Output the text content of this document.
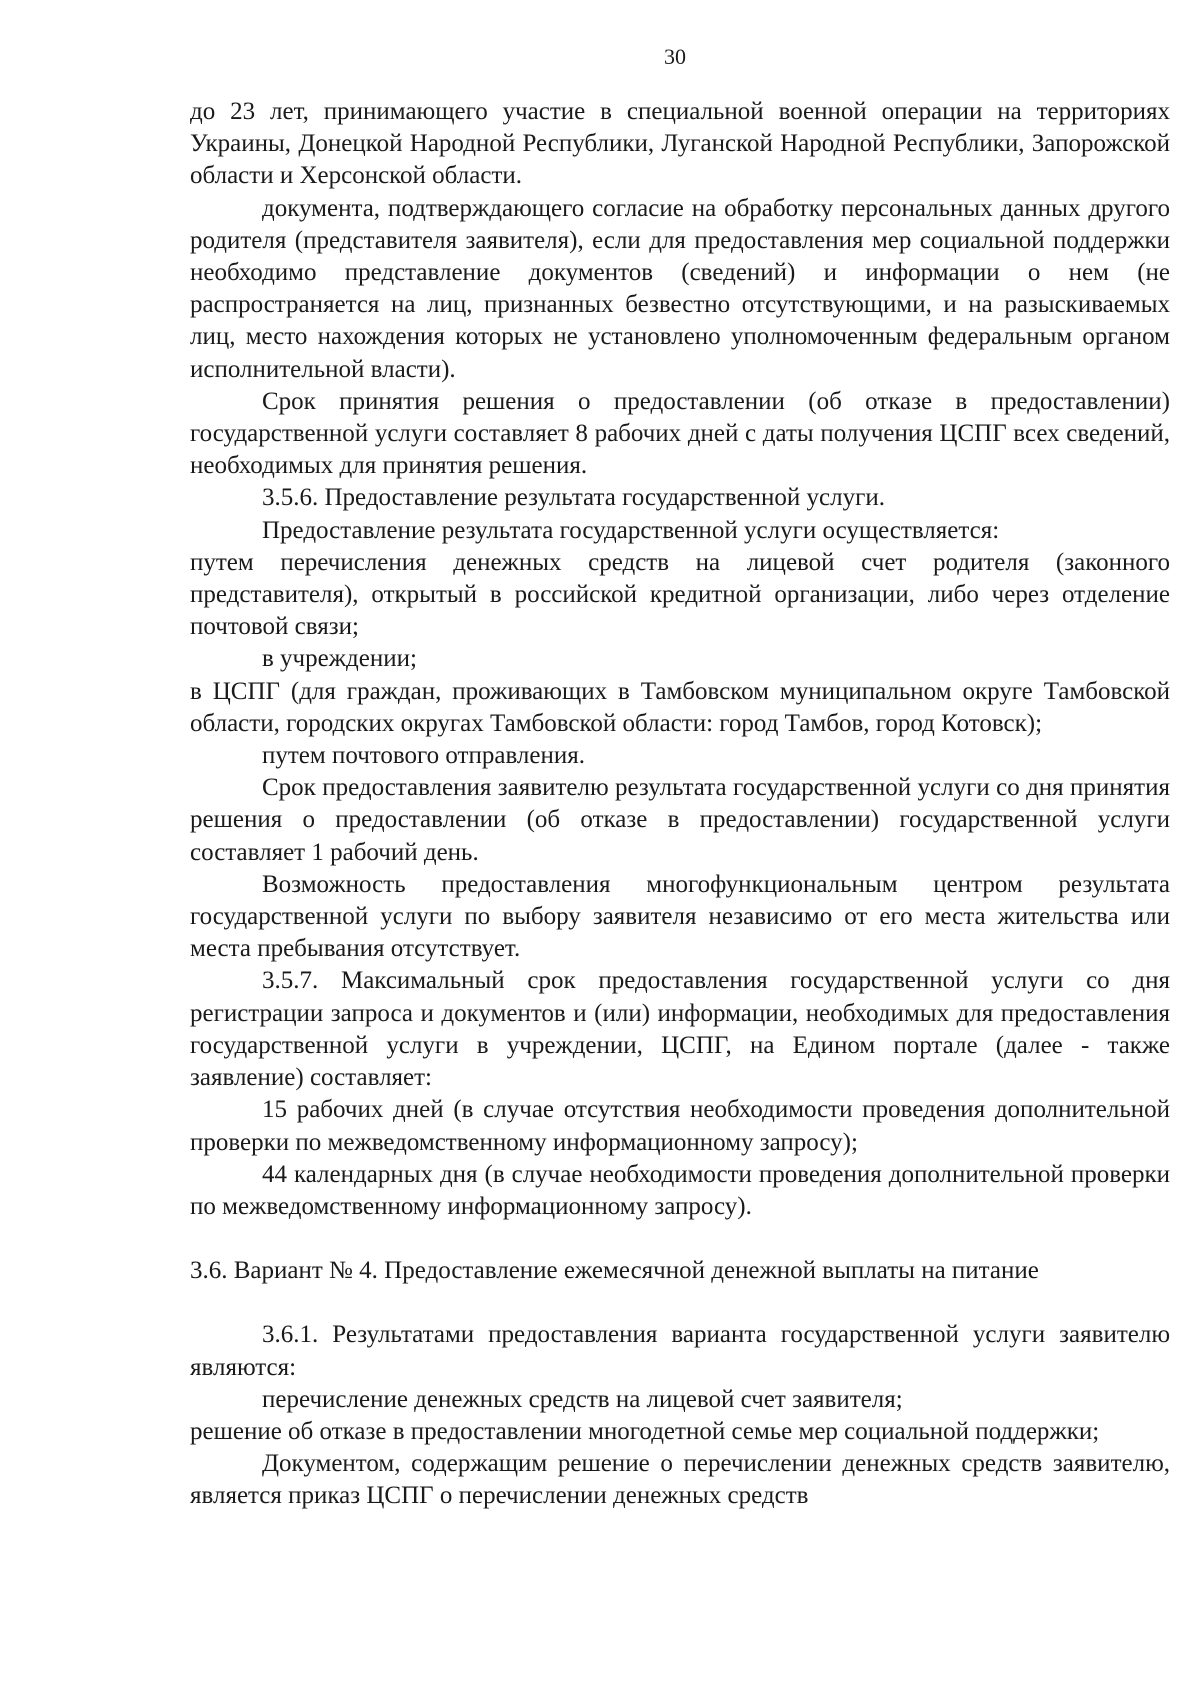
30

до 23 лет, принимающего участие в специальной военной операции на территориях Украины, Донецкой Народной Республики, Луганской Народной Республики, Запорожской области и Херсонской области.

документа, подтверждающего согласие на обработку персональных данных другого родителя (представителя заявителя), если для предоставления мер социальной поддержки необходимо представление документов (сведений) и информации о нем (не распространяется на лиц, признанных безвестно отсутствующими, и на разыскиваемых лиц, место нахождения которых не установлено уполномоченным федеральным органом исполнительной власти).

Срок принятия решения о предоставлении (об отказе в предоставлении) государственной услуги составляет 8 рабочих дней с даты получения ЦСПГ всех сведений, необходимых для принятия решения.

3.5.6. Предоставление результата государственной услуги.

Предоставление результата государственной услуги осуществляется:

путем перечисления денежных средств на лицевой счет родителя (законного представителя), открытый в российской кредитной организации, либо через отделение почтовой связи;

в учреждении;

в ЦСПГ (для граждан, проживающих в Тамбовском муниципальном округе Тамбовской области, городских округах Тамбовской области: город Тамбов, город Котовск);

путем почтового отправления.

Срок предоставления заявителю результата государственной услуги со дня принятия решения о предоставлении (об отказе в предоставлении) государственной услуги составляет 1 рабочий день.

Возможность предоставления многофункциональным центром результата государственной услуги по выбору заявителя независимо от его места жительства или места пребывания отсутствует.

3.5.7. Максимальный срок предоставления государственной услуги со дня регистрации запроса и документов и (или) информации, необходимых для предоставления государственной услуги в учреждении, ЦСПГ, на Едином портале (далее - также заявление) составляет:

15 рабочих дней (в случае отсутствия необходимости проведения дополнительной проверки по межведомственному информационному запросу);

44 календарных дня (в случае необходимости проведения дополнительной проверки по межведомственному информационному запросу).

3.6. Вариант № 4. Предоставление ежемесячной денежной выплаты на питание

3.6.1. Результатами предоставления варианта государственной услуги заявителю являются:

перечисление денежных средств на лицевой счет заявителя;

решение об отказе в предоставлении многодетной семье мер социальной поддержки;

Документом, содержащим решение о перечислении денежных средств заявителю, является приказ ЦСПГ о перечислении денежных средств
